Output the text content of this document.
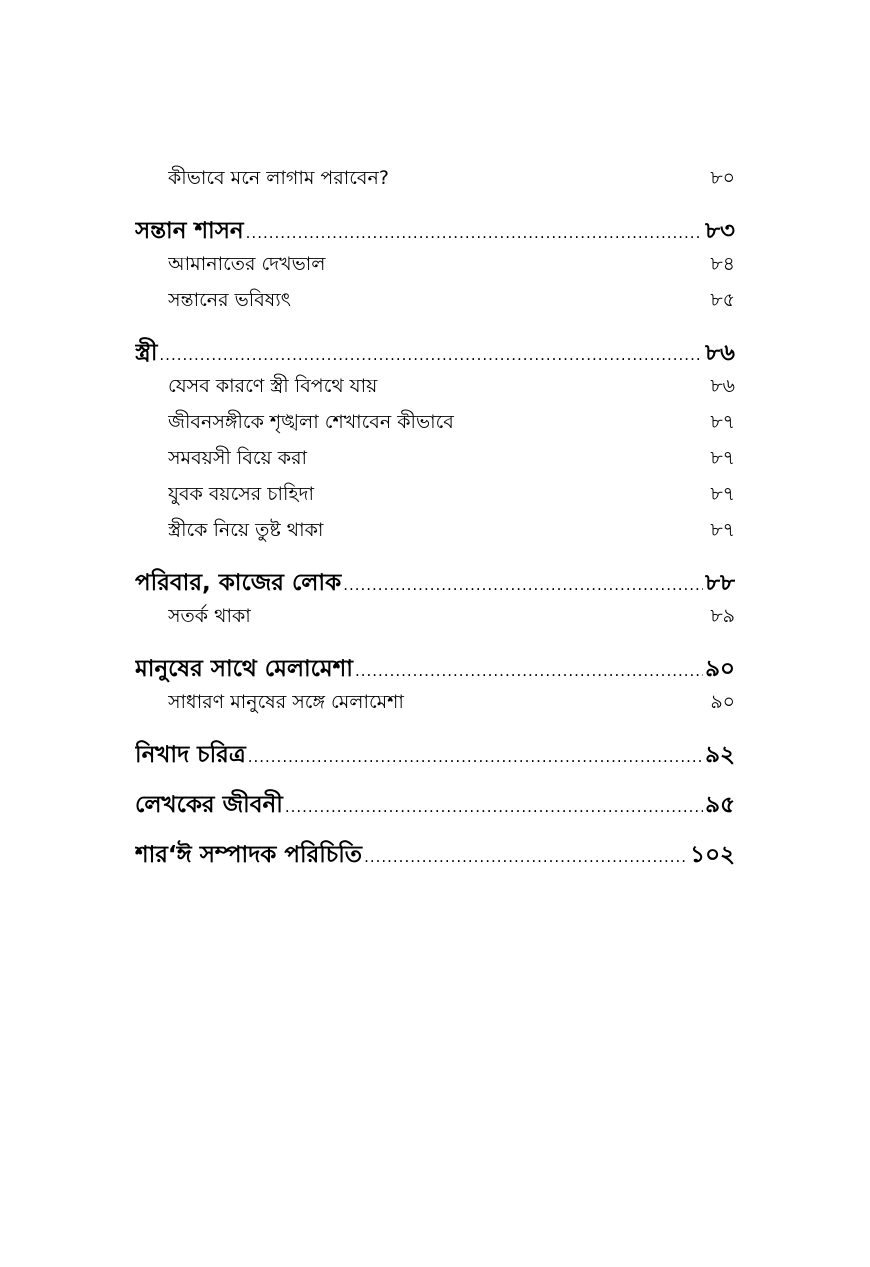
কীভাবে মনে লাগাম পরাবেন?	৮০
সন্তান শাসন .....	৮৩
আমানাতের দেখভাল	৮৪
সন্তানের ভবিষ্যৎ	৮৫
স্ত্রী .....	৮৬
যেসব কারণে স্ত্রী বিপথে যায়	৮৬
জীবনসঙ্গীকে শৃঙ্খলা শেখাবেন কীভাবে	৮৭
সমবয়সী বিয়ে করা	৮৭
যুবক বয়সের চাহিদা	৮৭
স্ত্রীকে নিয়ে তুষ্ট থাকা	৮৭
পরিবার, কাজের লোক .....	৮৮
সতর্ক থাকা	৮৯
মানুষের সাথে মেলামেশা .....	৯০
সাধারণ মানুষের সঙ্গে মেলামেশা	৯০
নিখাদ চরিত্র .....	৯২
লেখকের জীবনী .....	৯৫
শার‘ঈ সম্পাদক পরিচিতি .....	১০২
